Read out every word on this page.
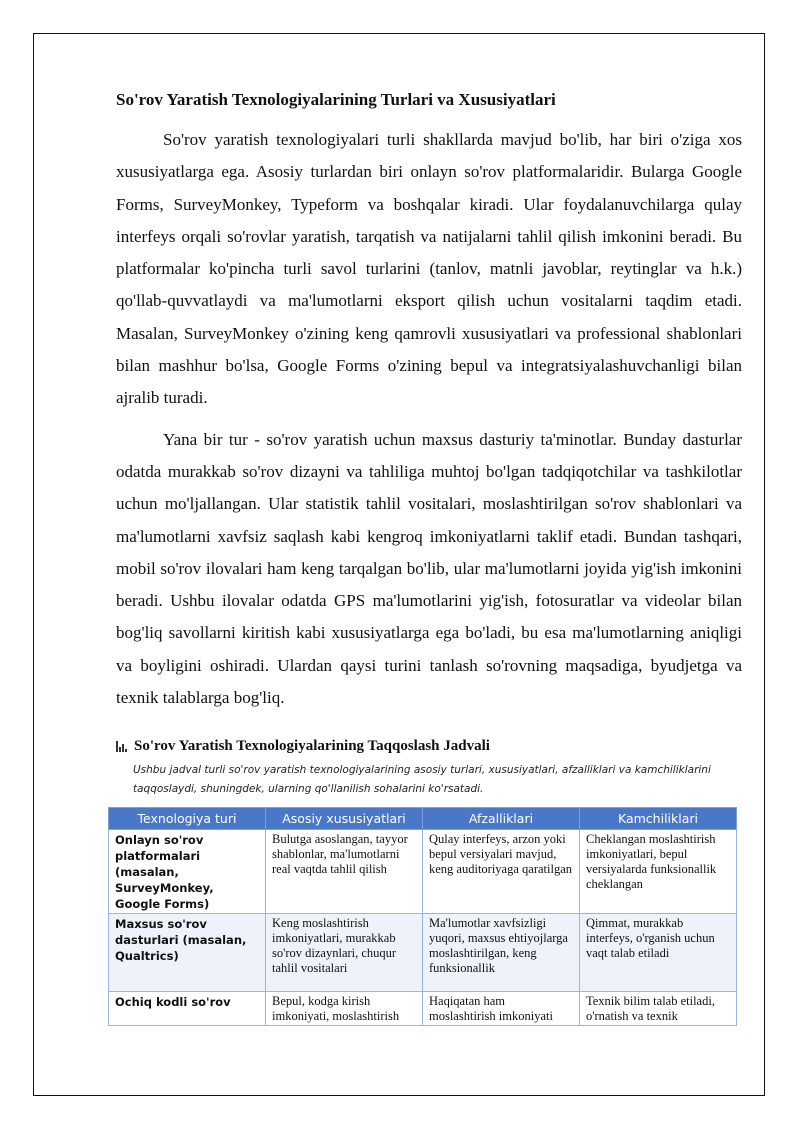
So'rov Yaratish Texnologiyalarining Turlari va Xususiyatlari

So'rov yaratish texnologiyalari turli shakllarda mavjud bo'lib, har biri o'ziga xos xususiyatlarga ega. Asosiy turlardan biri onlayn so'rov platformalaridir. Bularga Google Forms, SurveyMonkey, Typeform va boshqalar kiradi. Ular foydalanuvchilarga qulay interfeys orqali so'rovlar yaratish, tarqatish va natijalarni tahlil qilish imkonini beradi. Bu platformalar ko'pincha turli savol turlarini (tanlov, matnli javoblar, reytinglar va h.k.) qo'llab-quvvatlaydi va ma'lumotlarni eksport qilish uchun vositalarni taqdim etadi. Masalan, SurveyMonkey o'zining keng qamrovli xususiyatlari va professional shablonlari bilan mashhur bo'lsa, Google Forms o'zining bepul va integratsiyalashuvchanligi bilan ajralib turadi.

Yana bir tur - so'rov yaratish uchun maxsus dasturiy ta'minotlar. Bunday dasturlar odatda murakkab so'rov dizayni va tahliliga muhtoj bo'lgan tadqiqotchilar va tashkilotlar uchun mo'ljallangan. Ular statistik tahlil vositalari, moslashtirilgan so'rov shablonlari va ma'lumotlarni xavfsiz saqlash kabi kengroq imkoniyatlarni taklif etadi. Bundan tashqari, mobil so'rov ilovalari ham keng tarqalgan bo'lib, ular ma'lumotlarni joyida yig'ish imkonini beradi. Ushbu ilovalar odatda GPS ma'lumotlarini yig'ish, fotosuratlar va videolar bilan bog'liq savollarni kiritish kabi xususiyatlarga ega bo'ladi, bu esa ma'lumotlarning aniqligi va boyligini oshiradi. Ulardan qaysi turini tanlash so'rovning maqsadiga, byudjetga va texnik talablarga bog'liq.

So'rov Yaratish Texnologiyalarining Taqqoslash Jadvali
Ushbu jadval turli so'rov yaratish texnologiyalarining asosiy turlari, xususiyatlari, afzalliklari va kamchiliklarini taqqoslaydi, shuningdek, ularning qo'llanilish sohalarini ko'rsatadi.
Texnologiya turi	Asosiy xususiyatlari	Afzalliklari	Kamchiliklari
Onlayn so'rov platformalari (masalan, SurveyMonkey, Google Forms)	Bulutga asoslangan, tayyor shablonlar, ma'lumotlarni real vaqtda tahlil qilish	Qulay interfeys, arzon yoki bepul versiyalari mavjud, keng auditoriyaga qaratilgan	Cheklangan moslashtirish imkoniyatlari, bepul versiyalarda funksionallik cheklangan
Maxsus so'rov dasturlari (masalan, Qualtrics)	Keng moslashtirish imkoniyatlari, murakkab so'rov dizaynlari, chuqur tahlil vositalari	Ma'lumotlar xavfsizligi yuqori, maxsus ehtiyojlarga moslashtirilgan, keng funksionallik	Qimmat, murakkab interfeys, o'rganish uchun vaqt talab etiladi
Ochiq kodli so'rov	Bepul, kodga kirish imkoniyati, moslashtirish	Haqiqatan ham moslashtirish imkoniyati	Texnik bilim talab etiladi, o'rnatish va texnik
